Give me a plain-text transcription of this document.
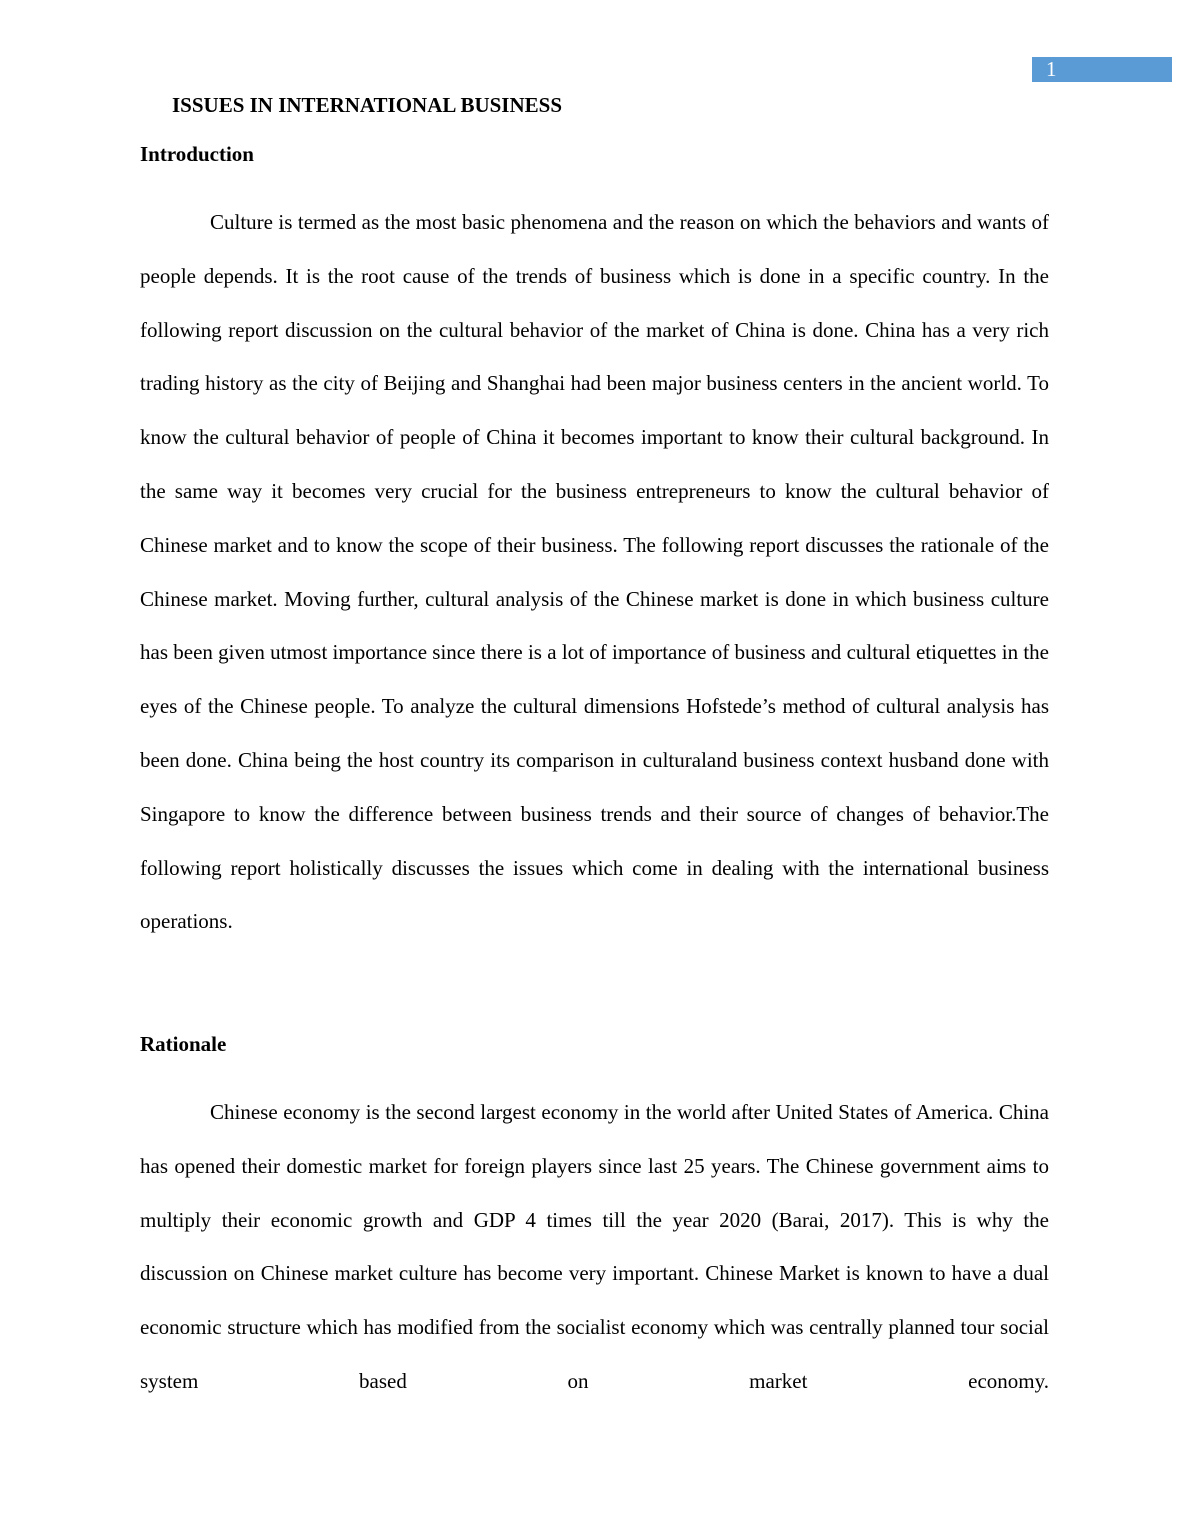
1
ISSUES IN INTERNATIONAL BUSINESS
Introduction

Culture is termed as the most basic phenomena and the reason on which the behaviors and wants of people depends. It is the root cause of the trends of business which is done in a specific country. In the following report discussion on the cultural behavior of the market of China is done. China has a very rich trading history as the city of Beijing and Shanghai had been major business centers in the ancient world. To know the cultural behavior of people of China it becomes important to know their cultural background. In the same way it becomes very crucial for the business entrepreneurs to know the cultural behavior of Chinese market and to know the scope of their business. The following report discusses the rationale of the Chinese market. Moving further, cultural analysis of the Chinese market is done in which business culture has been given utmost importance since there is a lot of importance of business and cultural etiquettes in the eyes of the Chinese people. To analyze the cultural dimensions Hofstede’s method of cultural analysis has been done. China being the host country its comparison in culturaland business context husband done with Singapore to know the difference between business trends and their source of changes of behavior.The following report holistically discusses the issues which come in dealing with the international business operations.

Rationale

Chinese economy is the second largest economy in the world after United States of America. China has opened their domestic market for foreign players since last 25 years. The Chinese government aims to multiply their economic growth and GDP 4 times till the year 2020 (Barai, 2017). This is why the discussion on Chinese market culture has become very important. Chinese Market is known to have a dual economic structure which has modified from the socialist economy which was centrally planned tour social system based on market economy.
